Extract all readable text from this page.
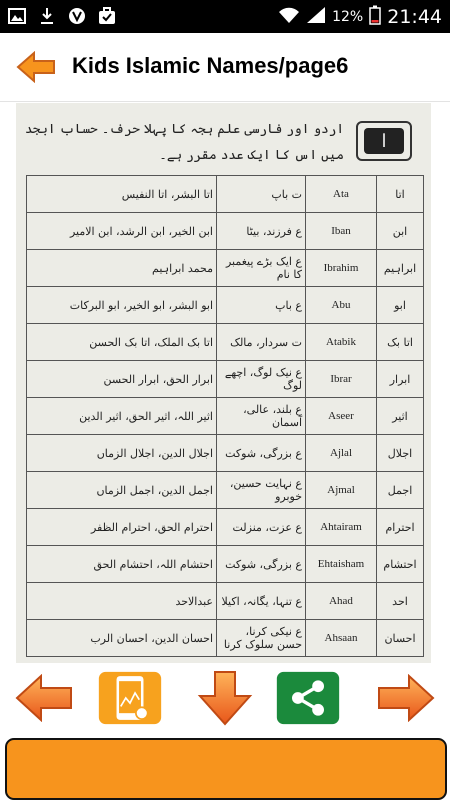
12% 21:44
Kids Islamic Names/page6
اردو اور فارسی علم ہجہ کا پہلا حرف۔ حساب ابجد میں اس کا ایک عدد مقرر ہے۔
ا
اتا البشر، اتا النفیس	ت باپ	Ata	اتا
ابن الخیر، ابن الرشد، ابن الامیر	ع فرزند، بیٹا	Iban	ابن
محمد ابراہیم	ع ایک بڑے پیغمبر کا نام	Ibrahim	ابراہیم
ابو البشر، ابو الخیر، ابو البرکات	ع باپ	Abu	ابو
اتا بک الملک، اتا بک الحسن	ت سردار، مالک	Atabik	اتا بک
ابرار الحق، ابرار الحسن	ع نیک لوگ، اچھے لوگ	Ibrar	ابرار
اثیر اللہ، اثیر الحق، اثیر الدین	ع بلند، عالی، آسمان	Aseer	اثیر
اجلال الدین، اجلال الزماں	ع بزرگی، شوکت	Ajlal	اجلال
اجمل الدین، اجمل الزماں	ع نہایت حسین، خوبرو	Ajmal	اجمل
احترام الحق، احترام الظفر	ع عزت، منزلت	Ahtairam	احترام
احتشام اللہ، احتشام الحق	ع بزرگی، شوکت	Ehtaisham	احتشام
عبدالاحد	ع تنہا، یگانہ، اکیلا	Ahad	احد
احسان الدین، احسان الرب	ع نیکی کرنا، حسن سلوک کرنا	Ahsaan	احسان
